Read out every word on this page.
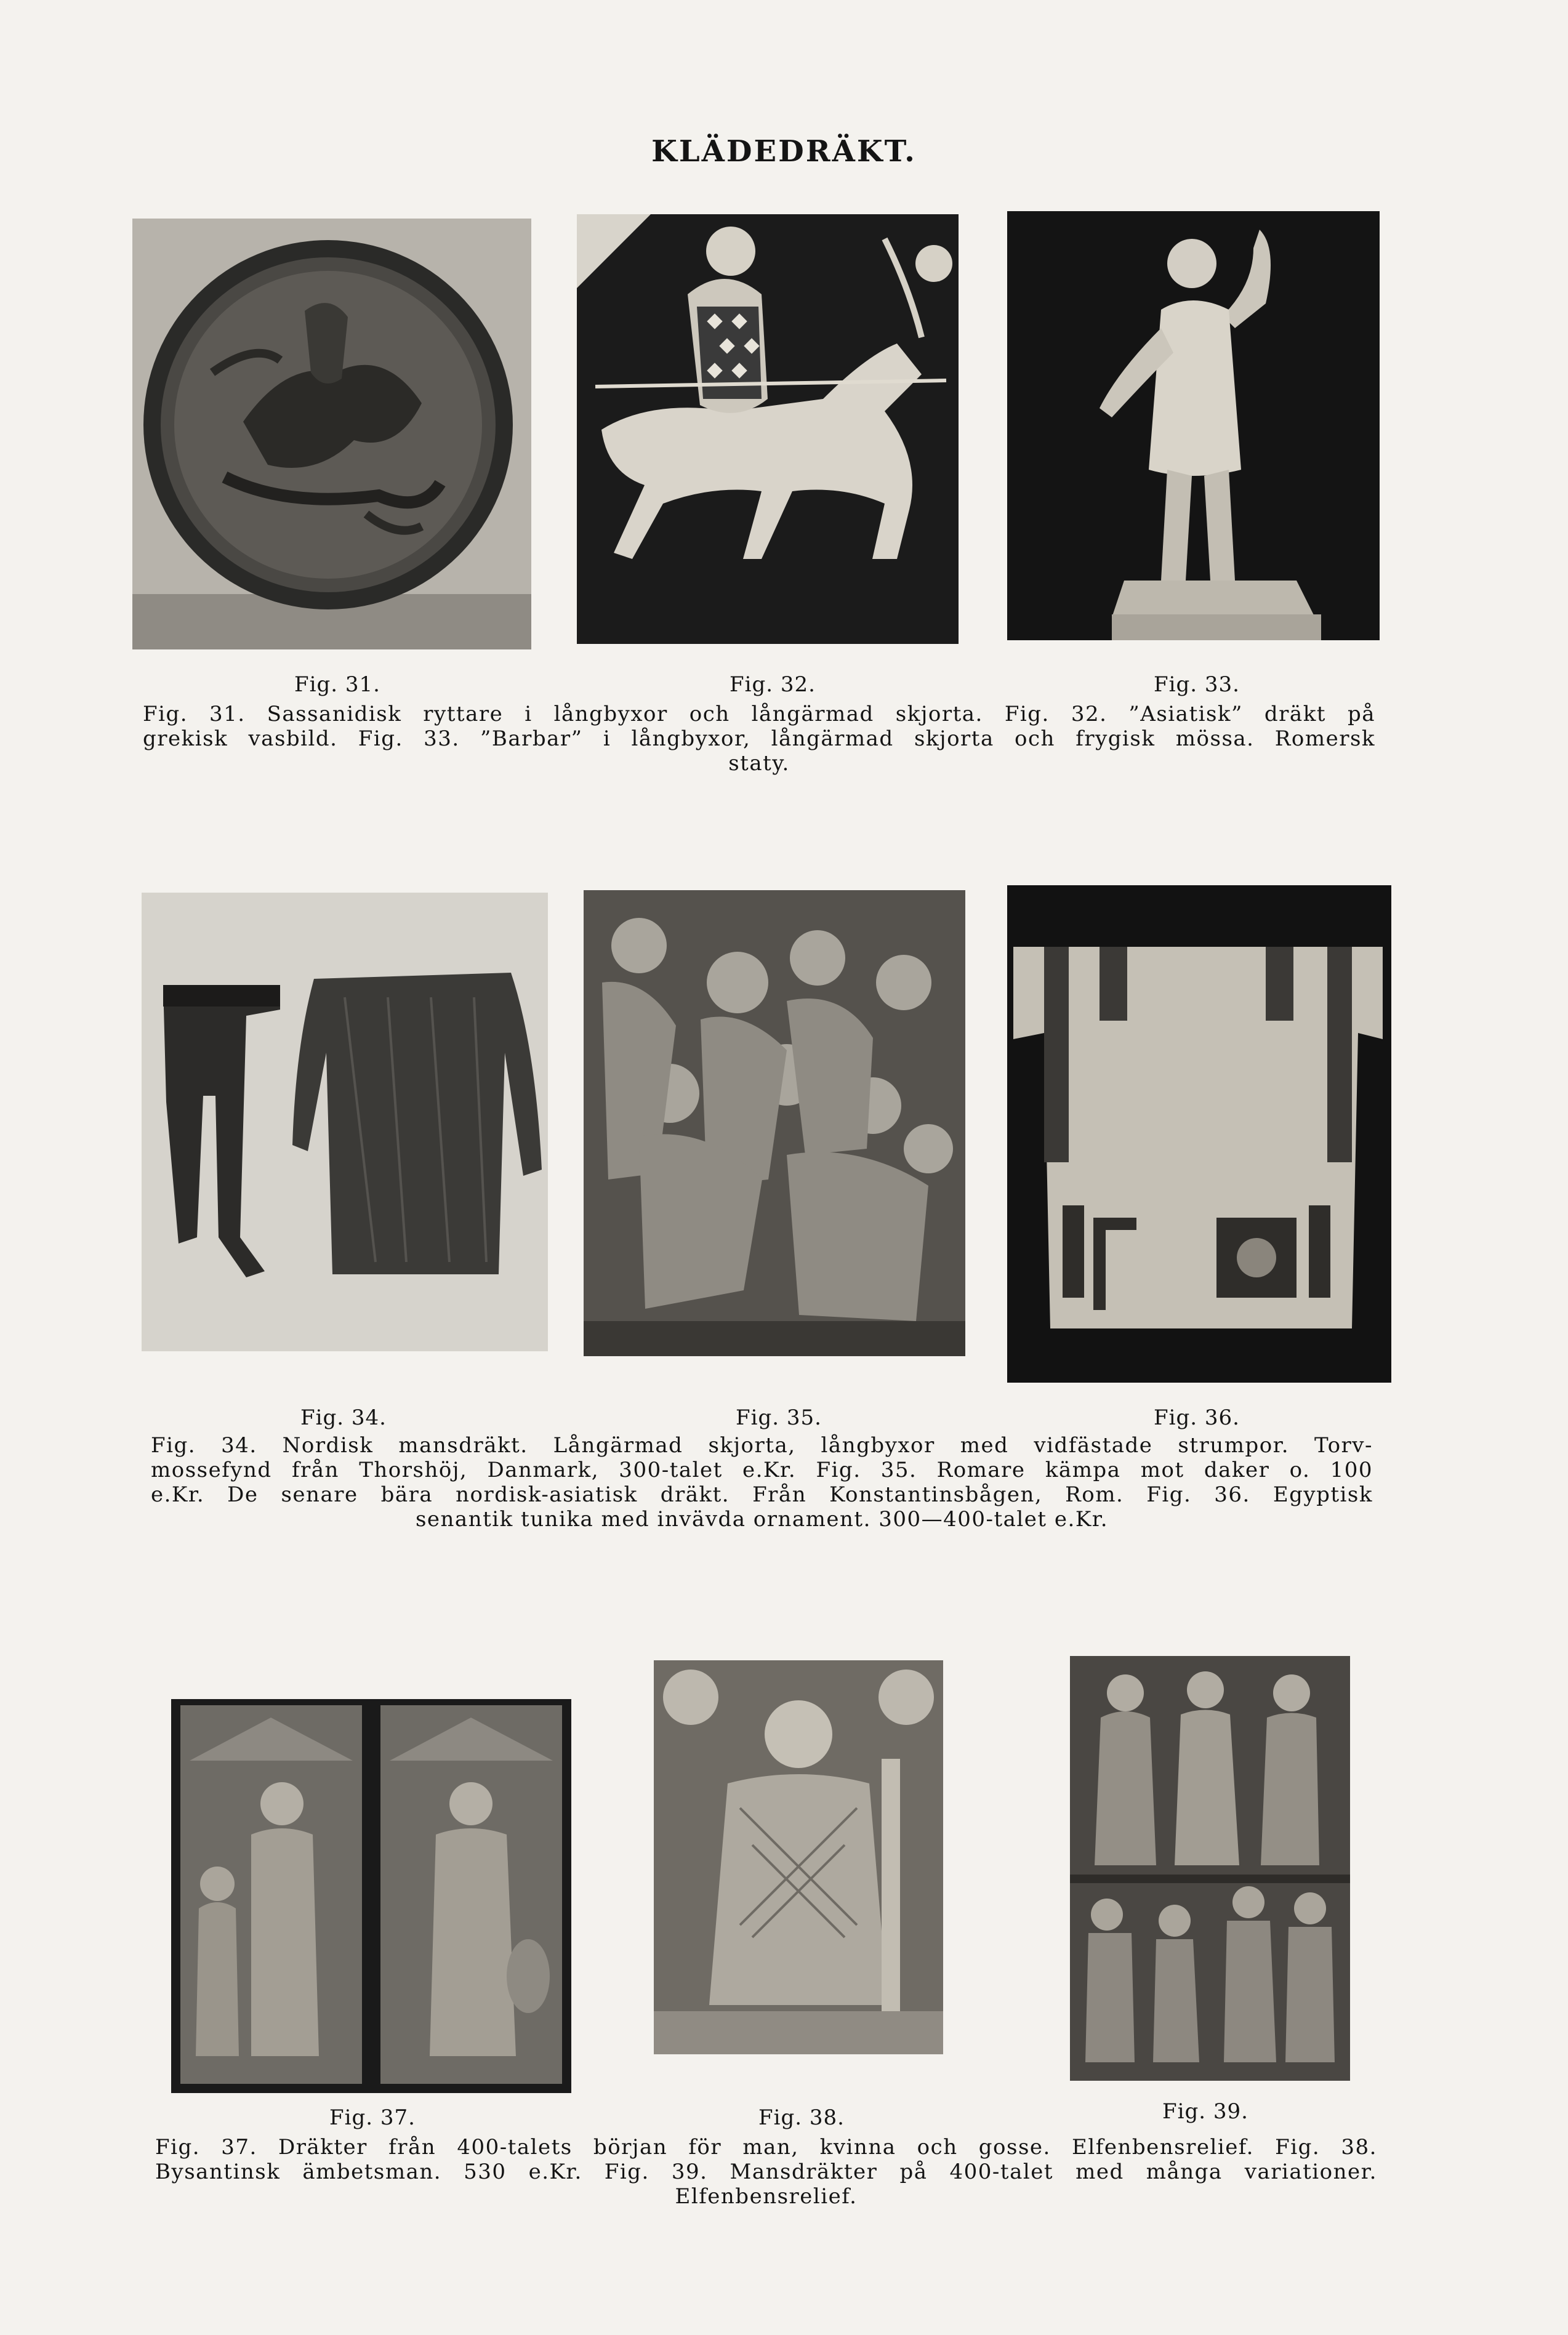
KLÄDEDRÄKT.
Fig. 31.	Fig. 32.	Fig. 33.
Fig. 31. Sassanidisk ryttare i långbyxor och långärmad skjorta. Fig. 32. ”Asiatisk” dräkt på
grekisk vasbild. Fig. 33. ”Barbar” i långbyxor, långärmad skjorta och frygisk mössa. Romersk
staty.
Fig. 34.	Fig. 35.	Fig. 36.
Fig. 34. Nordisk mansdräkt. Långärmad skjorta, långbyxor med vidfästade strumpor. Torv-
mossefynd från Thorshöj, Danmark, 300-talet e.Kr. Fig. 35. Romare kämpa mot daker o. 100
e.Kr. De senare bära nordisk-asiatisk dräkt. Från Konstantinsbågen, Rom. Fig. 36. Egyptisk
senantik tunika med invävda ornament. 300—400-talet e.Kr.
Fig. 37.	Fig. 38.	Fig. 39.
Fig. 37. Dräkter från 400-talets början för man, kvinna och gosse. Elfenbensrelief. Fig. 38.
Bysantinsk ämbetsman. 530 e.Kr. Fig. 39. Mansdräkter på 400-talet med många variationer.
Elfenbensrelief.
